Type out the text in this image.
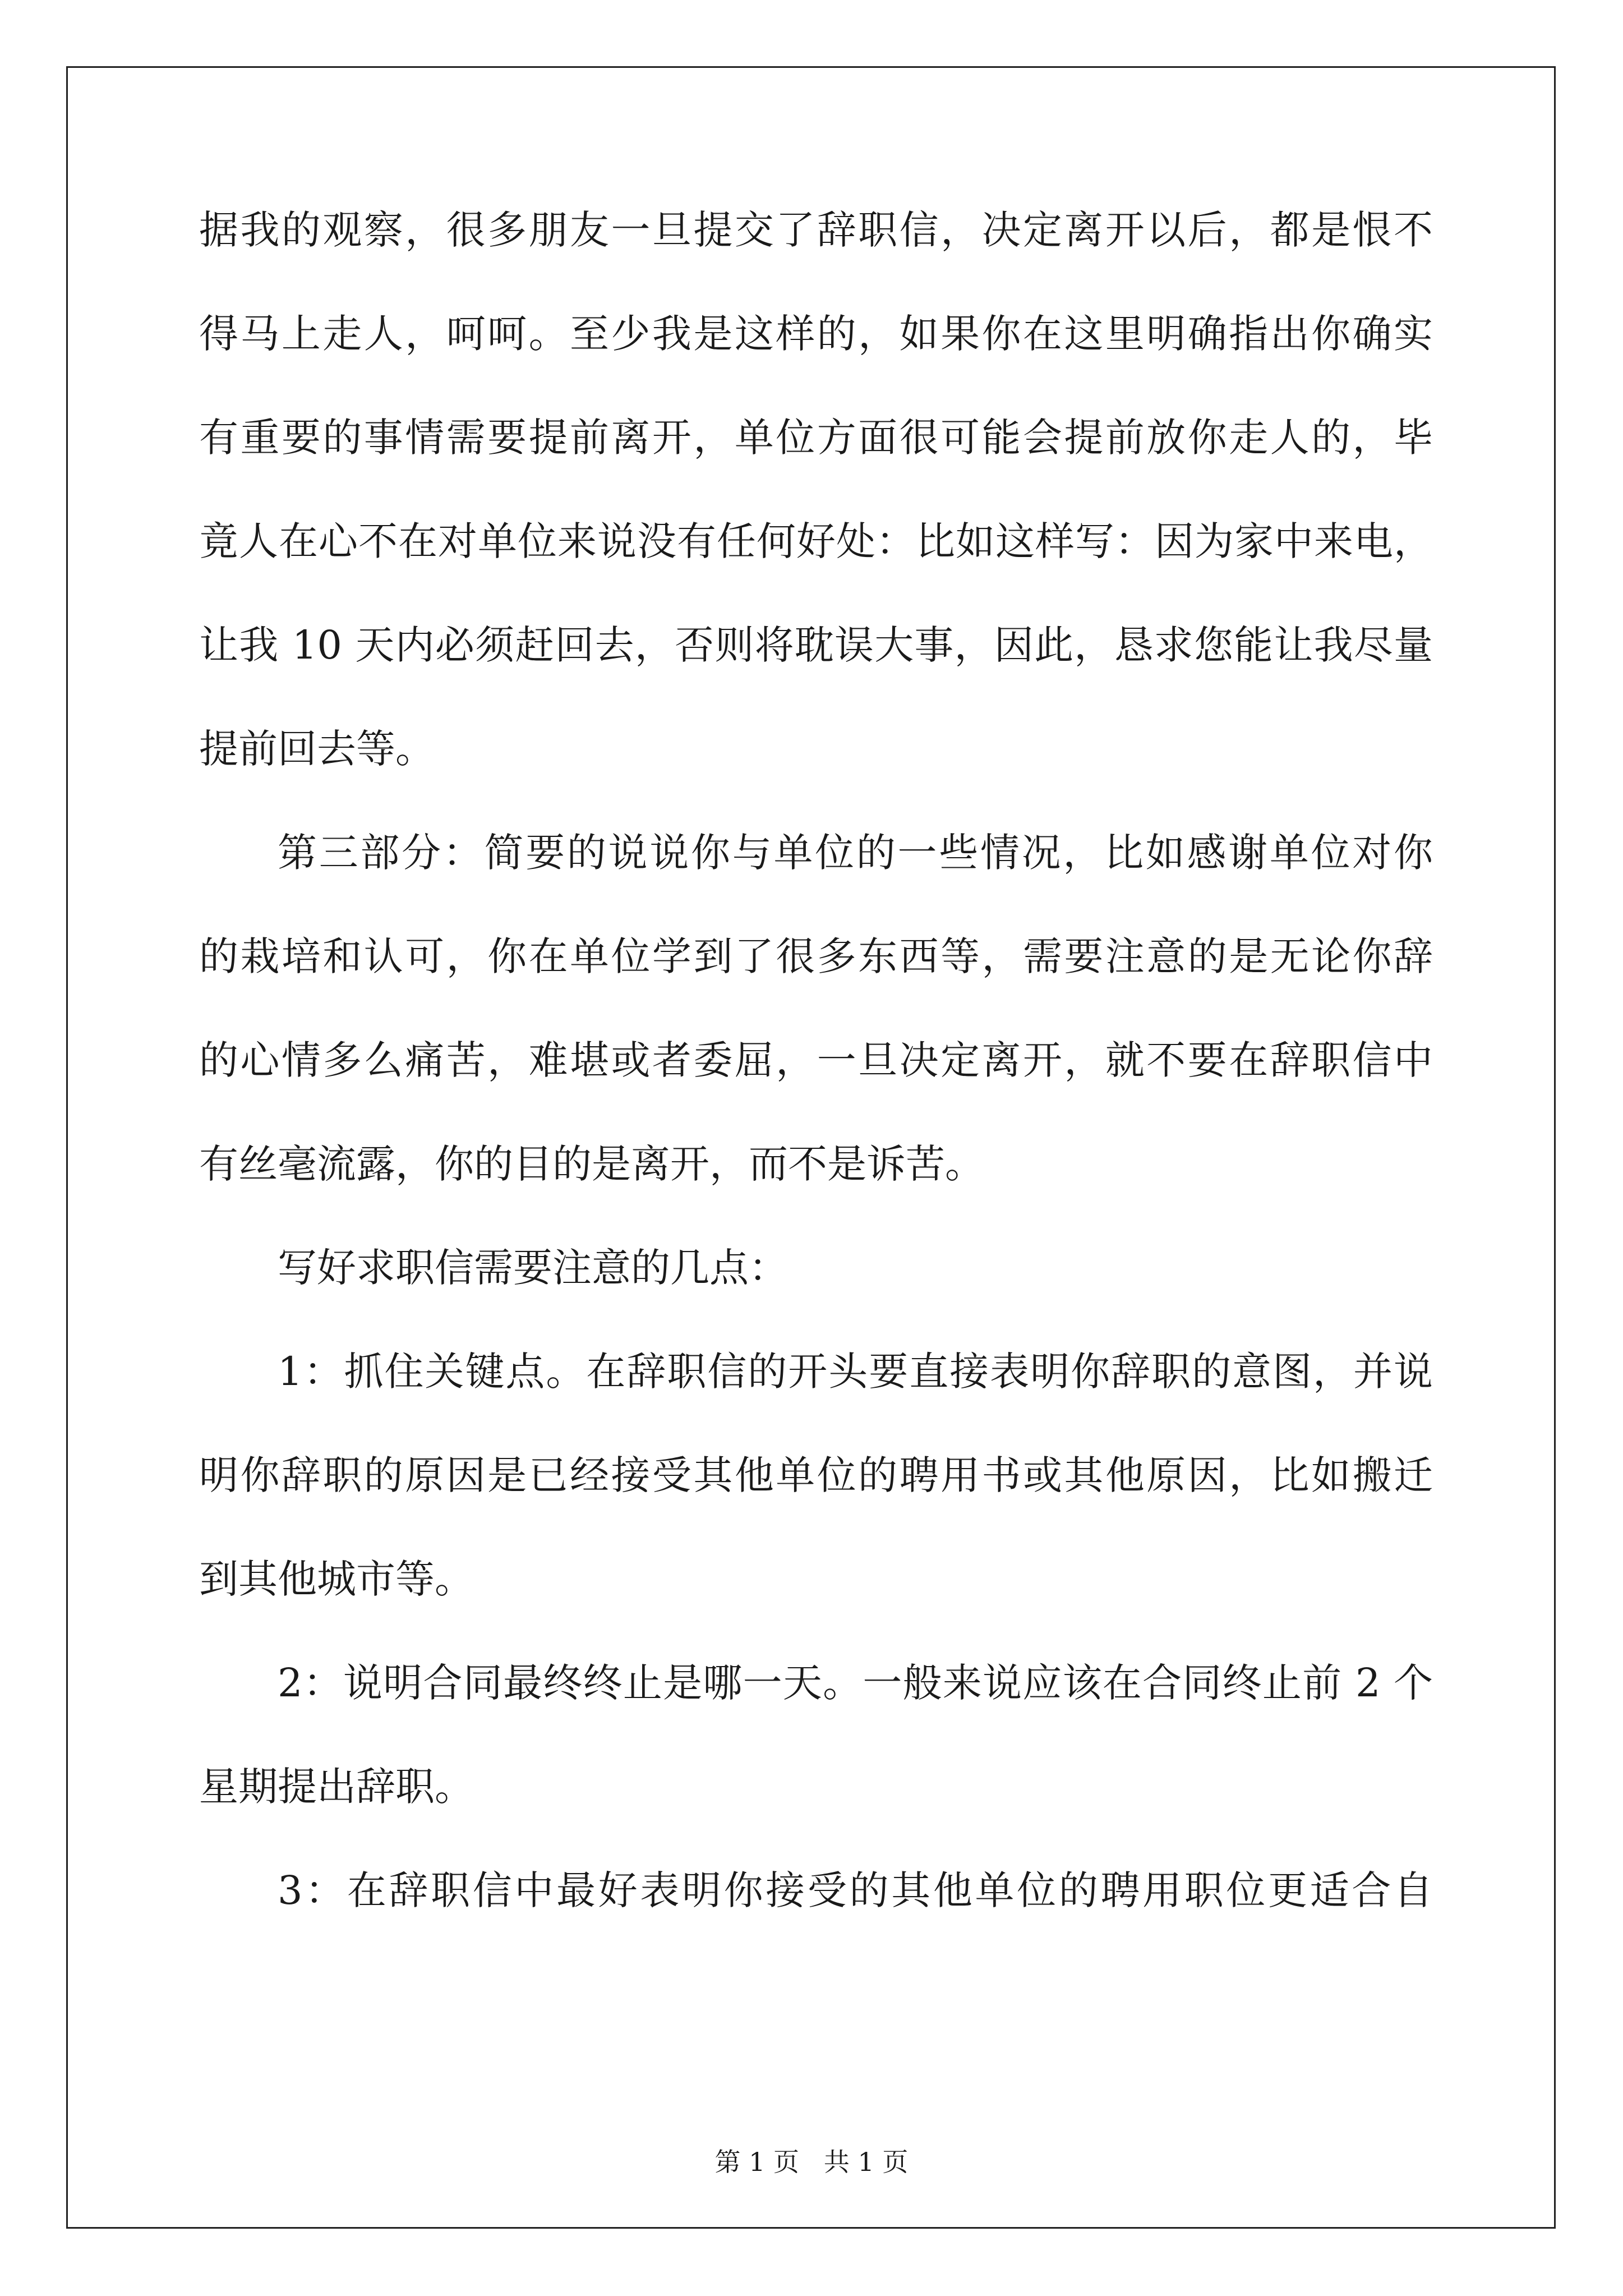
据我的观察，很多朋友一旦提交了辞职信，决定离开以后，都是恨不
得马上走人，呵呵。至少我是这样的，如果你在这里明确指出你确实
有重要的事情需要提前离开，单位方面很可能会提前放你走人的，毕
竟人在心不在对单位来说没有任何好处：比如这样写：因为家中来电，
让我 10 天内必须赶回去，否则将耽误大事，因此，恳求您能让我尽量
提前回去等。
第三部分：简要的说说你与单位的一些情况，比如感谢单位对你
的栽培和认可，你在单位学到了很多东西等，需要注意的是无论你辞
的心情多么痛苦，难堪或者委屈，一旦决定离开，就不要在辞职信中
有丝毫流露，你的目的是离开，而不是诉苦。
写好求职信需要注意的几点：
1：抓住关键点。在辞职信的开头要直接表明你辞职的意图，并说
明你辞职的原因是已经接受其他单位的聘用书或其他原因，比如搬迁
到其他城市等。
2：说明合同最终终止是哪一天。一般来说应该在合同终止前 2 个
星期提出辞职。
3：在辞职信中最好表明你接受的其他单位的聘用职位更适合自
第 1 页   共 1 页
